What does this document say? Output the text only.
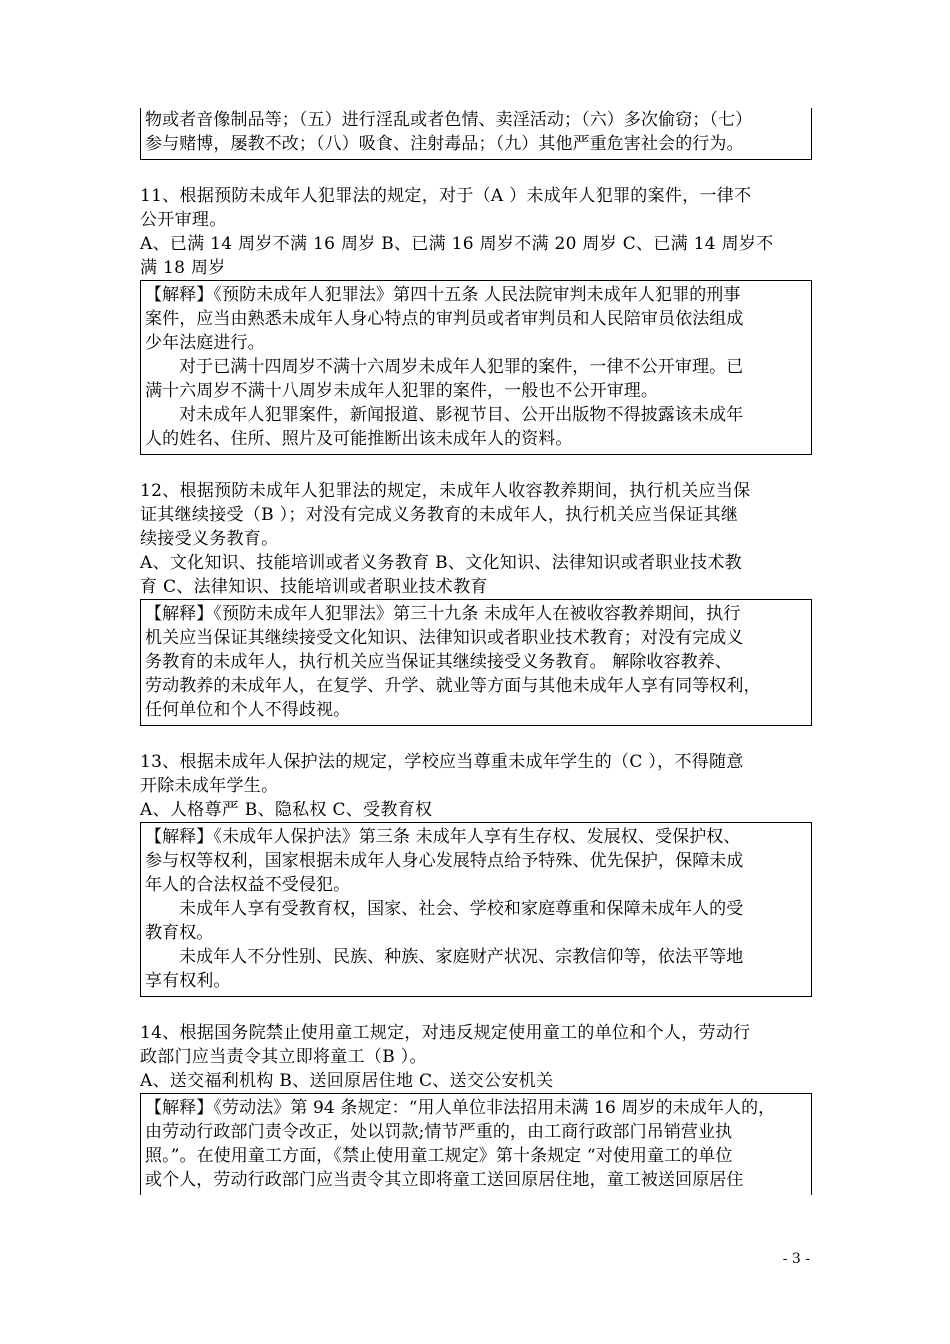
物或者音像制品等；（五）进行淫乱或者色情、卖淫活动；（六）多次偷窃；（七）
参与赌博，屡教不改；（八）吸食、注射毒品；（九）其他严重危害社会的行为。
11、根据预防未成年人犯罪法的规定，对于（A ）未成年人犯罪的案件，一律不
公开审理。
A、已满 14 周岁不满 16 周岁 B、已满 16 周岁不满 20 周岁 C、已满 14 周岁不
满 18 周岁
【解释】《预防未成年人犯罪法》第四十五条 人民法院审判未成年人犯罪的刑事
案件，应当由熟悉未成年人身心特点的审判员或者审判员和人民陪审员依法组成
少年法庭进行。
对于已满十四周岁不满十六周岁未成年人犯罪的案件，一律不公开审理。已
满十六周岁不满十八周岁未成年人犯罪的案件，一般也不公开审理。
对未成年人犯罪案件，新闻报道、影视节目、公开出版物不得披露该未成年
人的姓名、住所、照片及可能推断出该未成年人的资料。
12、根据预防未成年人犯罪法的规定，未成年人收容教养期间，执行机关应当保
证其继续接受（B ）；对没有完成义务教育的未成年人，执行机关应当保证其继
续接受义务教育。
A、文化知识、技能培训或者义务教育 B、文化知识、法律知识或者职业技术教
育 C、法律知识、技能培训或者职业技术教育
【解释】《预防未成年人犯罪法》第三十九条 未成年人在被收容教养期间，执行
机关应当保证其继续接受文化知识、法律知识或者职业技术教育；对没有完成义
务教育的未成年人，执行机关应当保证其继续接受义务教育。 解除收容教养、
劳动教养的未成年人，在复学、升学、就业等方面与其他未成年人享有同等权利，
任何单位和个人不得歧视。
13、根据未成年人保护法的规定，学校应当尊重未成年学生的（C ），不得随意
开除未成年学生。
A、人格尊严 B、隐私权 C、受教育权
【解释】《未成年人保护法》第三条 未成年人享有生存权、发展权、受保护权、
参与权等权利，国家根据未成年人身心发展特点给予特殊、优先保护，保障未成
年人的合法权益不受侵犯。
未成年人享有受教育权，国家、社会、学校和家庭尊重和保障未成年人的受
教育权。
未成年人不分性别、民族、种族、家庭财产状况、宗教信仰等，依法平等地
享有权利。
14、根据国务院禁止使用童工规定，对违反规定使用童工的单位和个人，劳动行
政部门应当责令其立即将童工（B ）。
A、送交福利机构 B、送回原居住地 C、送交公安机关
【解释】《劳动法》第 94 条规定：“用人单位非法招用未满 16 周岁的未成年人的，
由劳动行政部门责令改正，处以罚款;情节严重的，由工商行政部门吊销营业执
照。”。在使用童工方面，《禁止使用童工规定》第十条规定 “对使用童工的单位
或个人，劳动行政部门应当责令其立即将童工送回原居住地，童工被送回原居住
- 3 -
